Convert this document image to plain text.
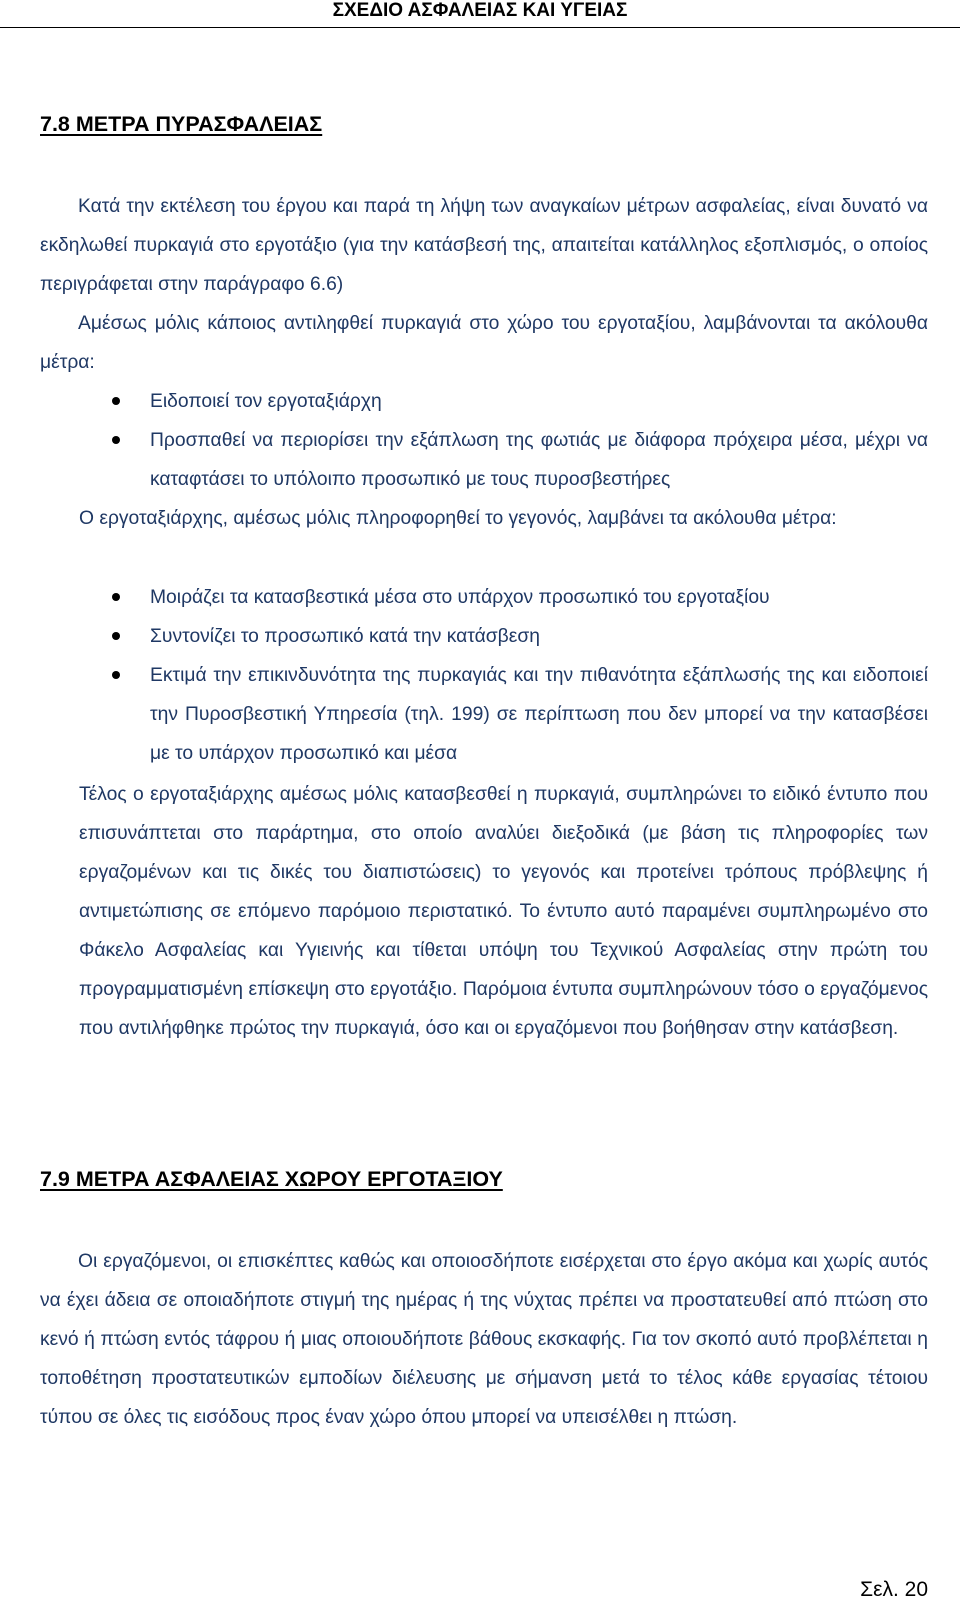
ΣΧΕΔΙΟ ΑΣΦΑΛΕΙΑΣ ΚΑΙ ΥΓΕΙΑΣ
7.8 ΜΕΤΡΑ ΠΥΡΑΣΦΑΛΕΙΑΣ

Κατά την εκτέλεση του έργου και παρά τη λήψη των αναγκαίων μέτρων ασφαλείας, είναι δυνατό να εκδηλωθεί πυρκαγιά στο εργοτάξιο (για την κατάσβεσή της, απαιτείται κατάλληλος εξοπλισμός, ο οποίος περιγράφεται στην παράγραφο 6.6)

Αμέσως μόλις κάποιος αντιληφθεί πυρκαγιά στο χώρο του εργοταξίου, λαμβάνονται τα ακόλουθα μέτρα:

Ειδοποιεί τον εργοταξιάρχη
Προσπαθεί να περιορίσει την εξάπλωση της φωτιάς με διάφορα πρόχειρα μέσα, μέχρι να καταφτάσει το υπόλοιπο προσωπικό με τους πυροσβεστήρες

Ο εργοταξιάρχης, αμέσως μόλις πληροφορηθεί το γεγονός, λαμβάνει τα ακόλουθα μέτρα:

Μοιράζει τα κατασβεστικά μέσα στο υπάρχον προσωπικό του εργοταξίου
Συντονίζει το προσωπικό κατά την κατάσβεση
Εκτιμά την επικινδυνότητα της πυρκαγιάς και την πιθανότητα εξάπλωσής της και ειδοποιεί την Πυροσβεστική Υπηρεσία (τηλ. 199) σε περίπτωση που δεν μπορεί να την κατασβέσει με το υπάρχον προσωπικό και μέσα

Τέλος ο εργοταξιάρχης αμέσως μόλις κατασβεσθεί η πυρκαγιά, συμπληρώνει το ειδικό έντυπο που επισυνάπτεται στο παράρτημα, στο οποίο αναλύει διεξοδικά (με βάση τις πληροφορίες των εργαζομένων και τις δικές του διαπιστώσεις) το γεγονός και προτείνει τρόπους πρόβλεψης ή αντιμετώπισης σε επόμενο παρόμοιο περιστατικό. Το έντυπο αυτό παραμένει συμπληρωμένο στο Φάκελο Ασφαλείας και Υγιεινής και τίθεται υπόψη του Τεχνικού Ασφαλείας στην πρώτη του προγραμματισμένη επίσκεψη στο εργοτάξιο. Παρόμοια έντυπα συμπληρώνουν τόσο ο εργαζόμενος που αντιλήφθηκε πρώτος την πυρκαγιά, όσο και οι εργαζόμενοι που βοήθησαν στην κατάσβεση.

7.9 ΜΕΤΡΑ ΑΣΦΑΛΕΙΑΣ ΧΩΡΟΥ ΕΡΓΟΤΑΞΙΟΥ

Οι εργαζόμενοι, οι επισκέπτες καθώς και οποιοσδήποτε εισέρχεται στο έργο ακόμα και χωρίς αυτός να έχει άδεια σε οποιαδήποτε στιγμή της ημέρας ή της νύχτας πρέπει να προστατευθεί από πτώση στο κενό ή πτώση εντός τάφρου ή μιας οποιουδήποτε βάθους εκσκαφής. Για τον σκοπό αυτό προβλέπεται η τοποθέτηση προστατευτικών εμποδίων διέλευσης με σήμανση μετά το τέλος κάθε εργασίας τέτοιου τύπου σε όλες τις εισόδους προς έναν χώρο όπου μπορεί να υπεισέλθει η πτώση.

Σελ. 20
